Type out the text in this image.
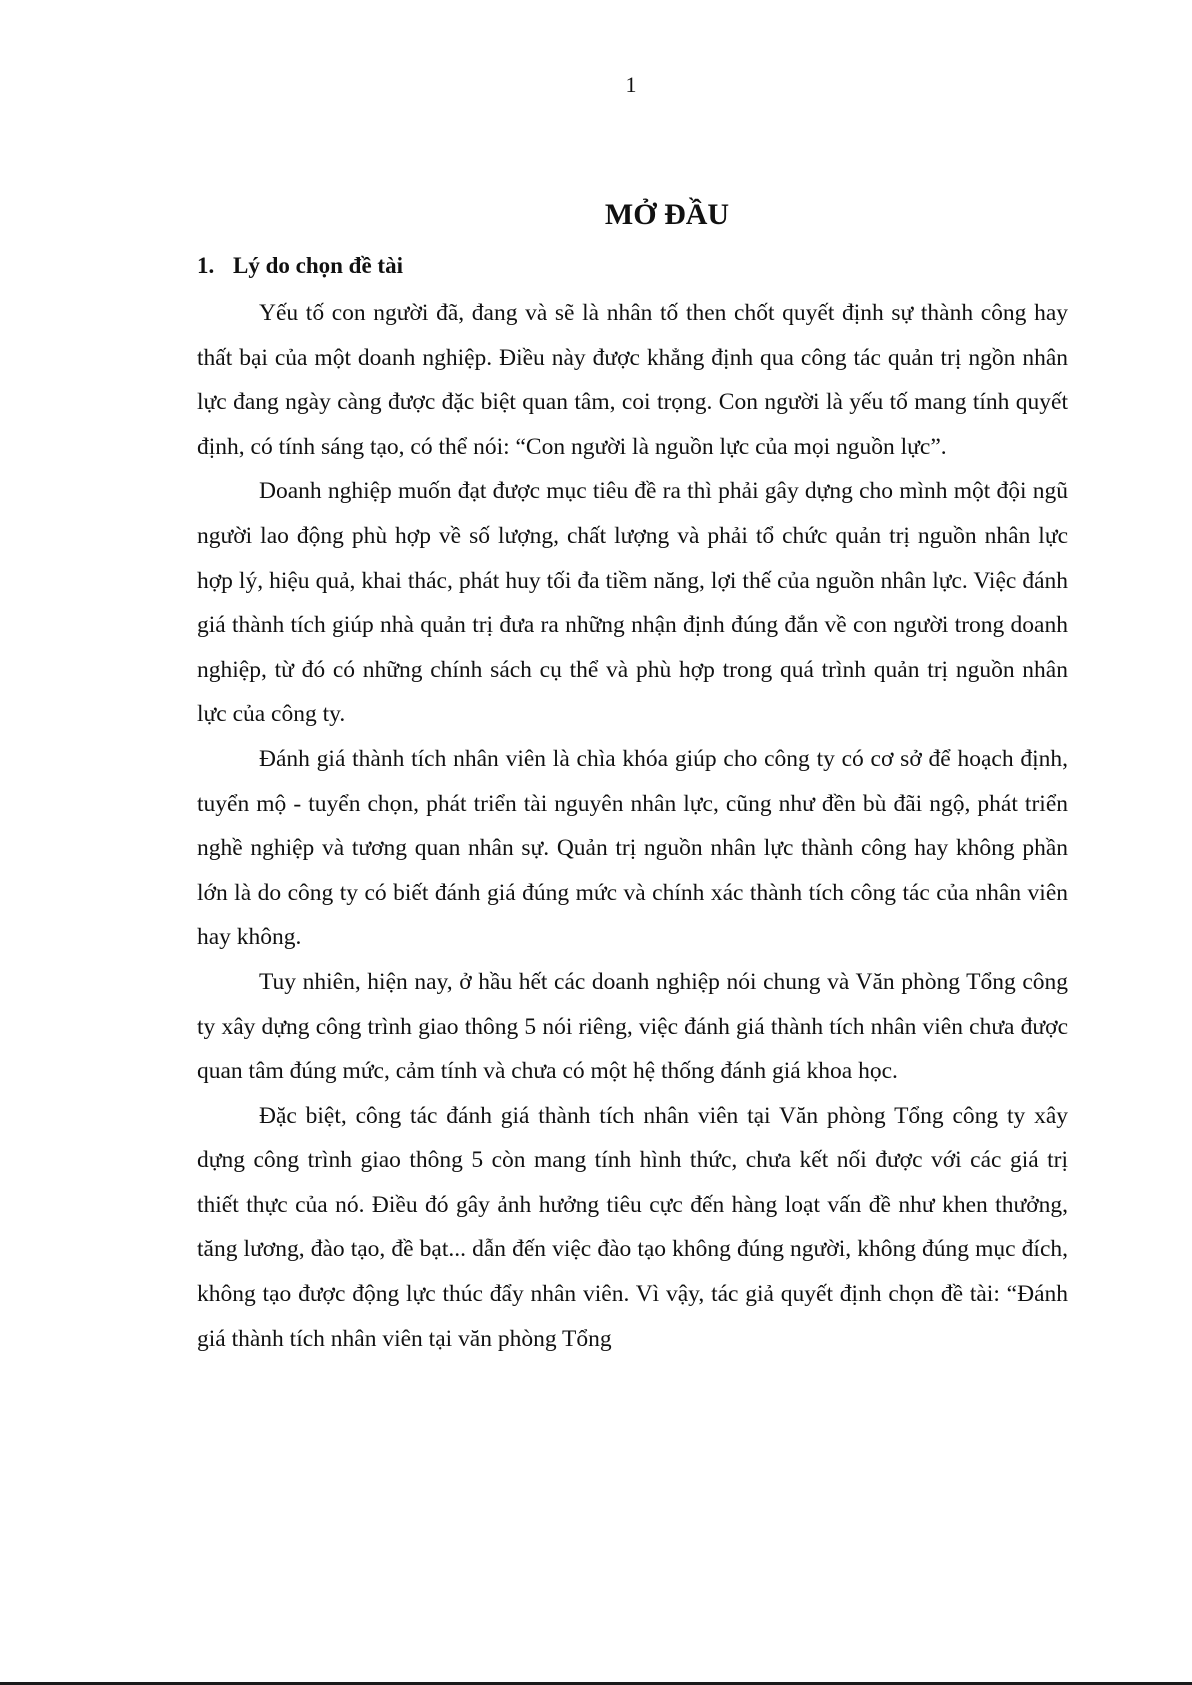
1
MỞ ĐẦU
1. Lý do chọn đề tài

Yếu tố con người đã, đang và sẽ là nhân tố then chốt quyết định sự thành công hay thất bại của một doanh nghiệp. Điều này được khẳng định qua công tác quản trị ngồn nhân lực đang ngày càng được đặc biệt quan tâm, coi trọng. Con người là yếu tố mang tính quyết định, có tính sáng tạo, có thể nói: “Con người là nguồn lực của mọi nguồn lực”.

Doanh nghiệp muốn đạt được mục tiêu đề ra thì phải gây dựng cho mình một đội ngũ người lao động phù hợp về số lượng, chất lượng và phải tổ chức quản trị nguồn nhân lực hợp lý, hiệu quả, khai thác, phát huy tối đa tiềm năng, lợi thế của nguồn nhân lực. Việc đánh giá thành tích giúp nhà quản trị đưa ra những nhận định đúng đắn về con người trong doanh nghiệp, từ đó có những chính sách cụ thể và phù hợp trong quá trình quản trị nguồn nhân lực của công ty.

Đánh giá thành tích nhân viên là chìa khóa giúp cho công ty có cơ sở để hoạch định, tuyển mộ - tuyển chọn, phát triển tài nguyên nhân lực, cũng như đền bù đãi ngộ, phát triển nghề nghiệp và tương quan nhân sự. Quản trị nguồn nhân lực thành công hay không phần lớn là do công ty có biết đánh giá đúng mức và chính xác thành tích công tác của nhân viên hay không.

Tuy nhiên, hiện nay, ở hầu hết các doanh nghiệp nói chung và Văn phòng Tổng công ty xây dựng công trình giao thông 5 nói riêng, việc đánh giá thành tích nhân viên chưa được quan tâm đúng mức, cảm tính và chưa có một hệ thống đánh giá khoa học.

Đặc biệt, công tác đánh giá thành tích nhân viên tại Văn phòng Tổng công ty xây dựng công trình giao thông 5 còn mang tính hình thức, chưa kết nối được với các giá trị thiết thực của nó. Điều đó gây ảnh hưởng tiêu cực đến hàng loạt vấn đề như khen thưởng, tăng lương, đào tạo, đề bạt... dẫn đến việc đào tạo không đúng người, không đúng mục đích, không tạo được động lực thúc đẩy nhân viên. Vì vậy, tác giả quyết định chọn đề tài: “Đánh giá thành tích nhân viên tại văn phòng Tổng
